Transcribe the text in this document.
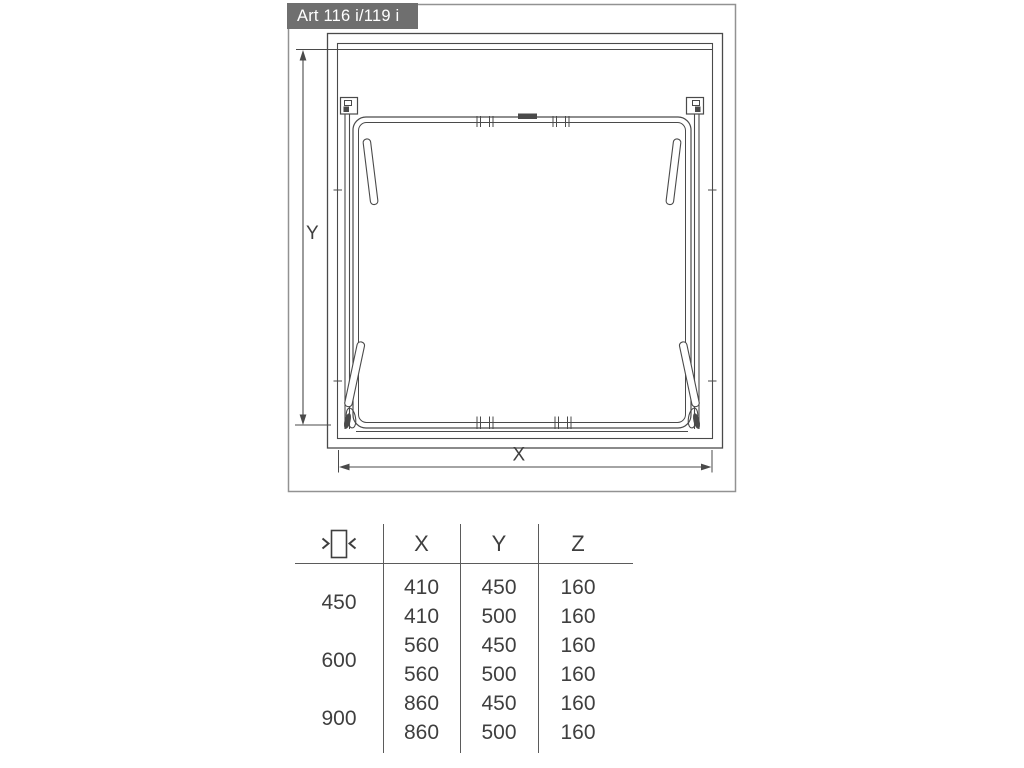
Y
X
Art 116 i/119 i
X	Y	Z
410 450 160
410 500 160
560 450 160
560 500 160
860 450 160
860 500 160
450
600
900
